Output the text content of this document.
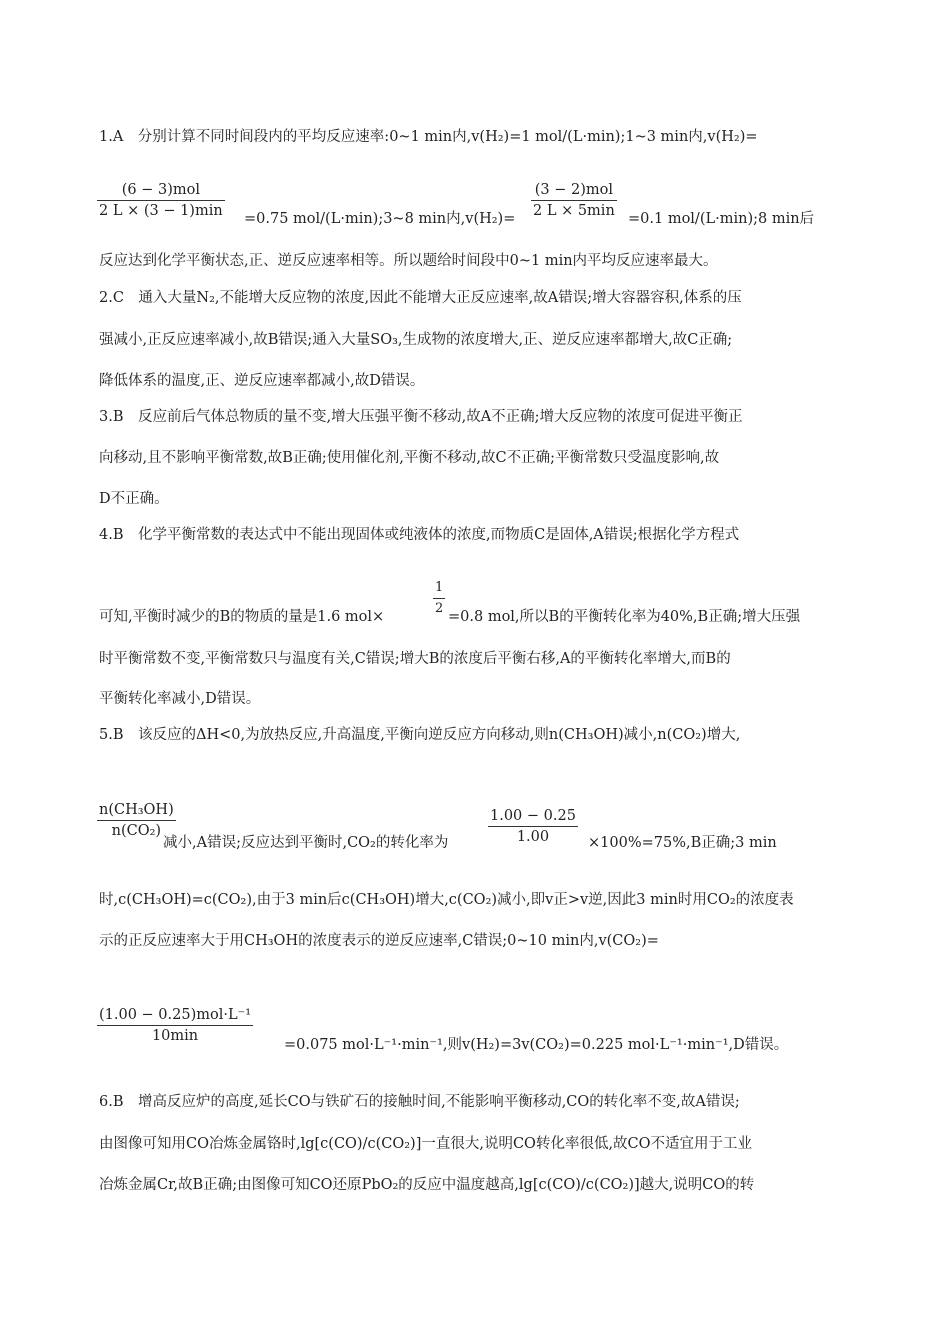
1.A　分别计算不同时间段内的平均反应速率:0~1 min内,v(H₂)=1 mol/(L·min);1~3 min内,v(H₂)=
(6 − 3)mol
2 L × (3 − 1)min =0.75 mol/(L·min);3~8 min内,v(H₂)=
(3 − 2)mol
2 L × 5min =0.1 mol/(L·min);8 min后
反应达到化学平衡状态,正、逆反应速率相等。所以题给时间段中0~1 min内平均反应速率最大。
2.C　通入大量N₂,不能增大反应物的浓度,因此不能增大正反应速率,故A错误;增大容器容积,体系的压
强减小,正反应速率减小,故B错误;通入大量SO₃,生成物的浓度增大,正、逆反应速率都增大,故C正确;
降低体系的温度,正、逆反应速率都减小,故D错误。
3.B　反应前后气体总物质的量不变,增大压强平衡不移动,故A不正确;增大反应物的浓度可促进平衡正
向移动,且不影响平衡常数,故B正确;使用催化剂,平衡不移动,故C不正确;平衡常数只受温度影响,故
D不正确。
4.B　化学平衡常数的表达式中不能出现固体或纯液体的浓度,而物质C是固体,A错误;根据化学方程式
可知,平衡时减少的B的物质的量是1.6 mol×	$\frac{1}{2} =0.8$ mol,所以B的平衡转化率为40%,B正确;增大压强
时平衡常数不变,平衡常数只与温度有关,C错误;增大B的浓度后平衡右移,A的平衡转化率增大,而B的
平衡转化率减小,D错误。
5.B　该反应的ΔH<0,为放热反应,升高温度,平衡向逆反应方向移动,则n(CH₃OH)减小,n(CO₂)增大,
$\frac{\text{n(CH₃OH)}}{\text{n(CO₂)}}$
减小,A错误;反应达到平衡时,CO₂的转化率为	$\frac{1.00 - 0.25}{1.00} \times 100\%=75\%,B$正确;3 min
时,c(CH₃OH)=c(CO₂),由于3 min后c(CH₃OH)增大,c(CO₂)减小,即v正>v逆,因此3 min时用CO₂的浓度表
示的正反应速率大于用CH₃OH的浓度表示的逆反应速率,C错误;0~10 min内,v(CO₂)=
(1.00 − 0.25)mol·L⁻¹
10min
=0.075 mol·L⁻¹·min⁻¹,则v(H₂)=3v(CO₂)=0.225 mol·L⁻¹·min⁻¹,D错误。
6.B　增高反应炉的高度,延长CO与铁矿石的接触时间,不能影响平衡移动,CO的转化率不变,故A错误;
由图像可知用CO冶炼金属铬时,lg[c(CO)/c(CO₂)]一直很大,说明CO转化率很低,故CO不适宜用于工业
冶炼金属Cr,故B正确;由图像可知CO还原PbO₂的反应中温度越高,lg[c(CO)/c(CO₂)]越大,说明CO的转
